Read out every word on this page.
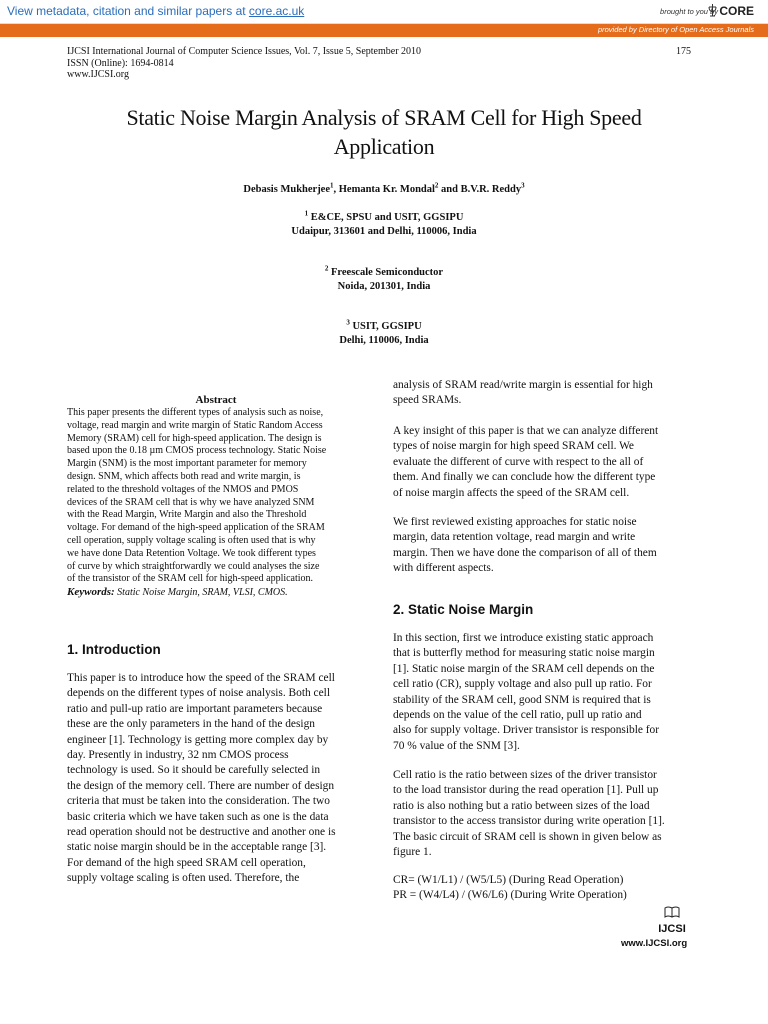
View metadata, citation and similar papers at core.ac.uk	brought to you by CORE
provided by Directory of Open Access Journals
IJCSI International Journal of Computer Science Issues, Vol. 7, Issue 5, September 2010
ISSN (Online): 1694-0814
www.IJCSI.org
175
Static Noise Margin Analysis of SRAM Cell for High Speed
Application
Debasis Mukherjee$^1$, Hemanta Kr. Mondal$^2$ and B.V.R. Reddy$^3$
$^1$ E&CE, SPSU and USIT, GGSIPU
Udaipur, 313601 and Delhi, 110006, India
$^2$ Freescale Semiconductor
Noida, 201301, India
$^3$ USIT, GGSIPU
Delhi, 110006, India
Abstract
This paper presents the different types of analysis such as noise,
voltage, read margin and write margin of Static Random Access
Memory (SRAM) cell for high-speed application. The design is
based upon the 0.18 µm CMOS process technology. Static Noise
Margin (SNM) is the most important parameter for memory
design. SNM, which affects both read and write margin, is
related to the threshold voltages of the NMOS and PMOS
devices of the SRAM cell that is why we have analyzed SNM
with the Read Margin, Write Margin and also the Threshold
voltage. For demand of the high-speed application of the SRAM
cell operation, supply voltage scaling is often used that is why
we have done Data Retention Voltage. We took different types
of curve by which straightforwardly we could analyses the size
of the transistor of the SRAM cell for high-speed application.
Keywords: Static Noise Margin, SRAM, VLSI, CMOS.
1. Introduction
This paper is to introduce how the speed of the SRAM cell
depends on the different types of noise analysis. Both cell
ratio and pull-up ratio are important parameters because
these are the only parameters in the hand of the design
engineer [1]. Technology is getting more complex day by
day. Presently in industry, 32 nm CMOS process
technology is used. So it should be carefully selected in
the design of the memory cell. There are number of design
criteria that must be taken into the consideration. The two
basic criteria which we have taken such as one is the data
read operation should not be destructive and another one is
static noise margin should be in the acceptable range [3].
For demand of the high speed SRAM cell operation,
supply voltage scaling is often used. Therefore, the
analysis of SRAM read/write margin is essential for high
speed SRAMs.
A key insight of this paper is that we can analyze different
types of noise margin for high speed SRAM cell. We
evaluate the different of curve with respect to the all of
them. And finally we can conclude how the different type
of noise margin affects the speed of the SRAM cell.
We first reviewed existing approaches for static noise
margin, data retention voltage, read margin and write
margin. Then we have done the comparison of all of them
with different aspects.
2. Static Noise Margin
In this section, first we introduce existing static approach
that is butterfly method for measuring static noise margin
[1]. Static noise margin of the SRAM cell depends on the
cell ratio (CR), supply voltage and also pull up ratio. For
stability of the SRAM cell, good SNM is required that is
depends on the value of the cell ratio, pull up ratio and
also for supply voltage. Driver transistor is responsible for
70 % value of the SNM [3].
Cell ratio is the ratio between sizes of the driver transistor
to the load transistor during the read operation [1]. Pull up
ratio is also nothing but a ratio between sizes of the load
transistor to the access transistor during write operation [1].
The basic circuit of SRAM cell is shown in given below as
figure 1.
CR= (W1/L1) / (W5/L5) (During Read Operation)
PR = (W4/L4) / (W6/L6) (During Write Operation)
IJCSI
www.IJCSI.org
